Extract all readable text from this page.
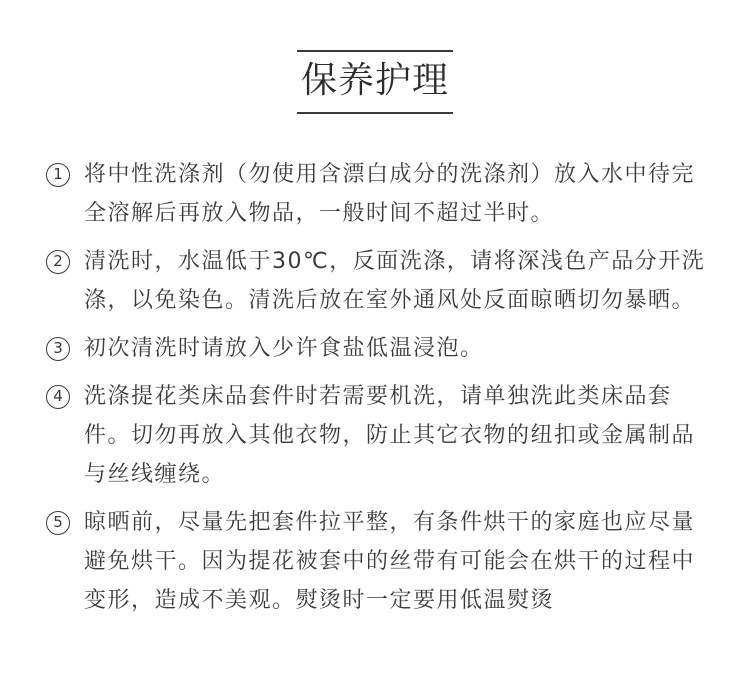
保养护理
1 将中性洗涤剂（勿使用含漂白成分的洗涤剂）放入水中待完全溶解后再放入物品，一般时间不超过半时。
2 清洗时，水温低于30℃，反面洗涤，请将深浅色产品分开洗涤，以免染色。清洗后放在室外通风处反面晾晒切勿暴晒。
3 初次清洗时请放入少许食盐低温浸泡。
4 洗涤提花类床品套件时若需要机洗，请单独洗此类床品套件。切勿再放入其他衣物，防止其它衣物的纽扣或金属制品与丝线缠绕。
5 晾晒前，尽量先把套件拉平整，有条件烘干的家庭也应尽量避免烘干。因为提花被套中的丝带有可能会在烘干的过程中变形，造成不美观。熨烫时一定要用低温熨烫
